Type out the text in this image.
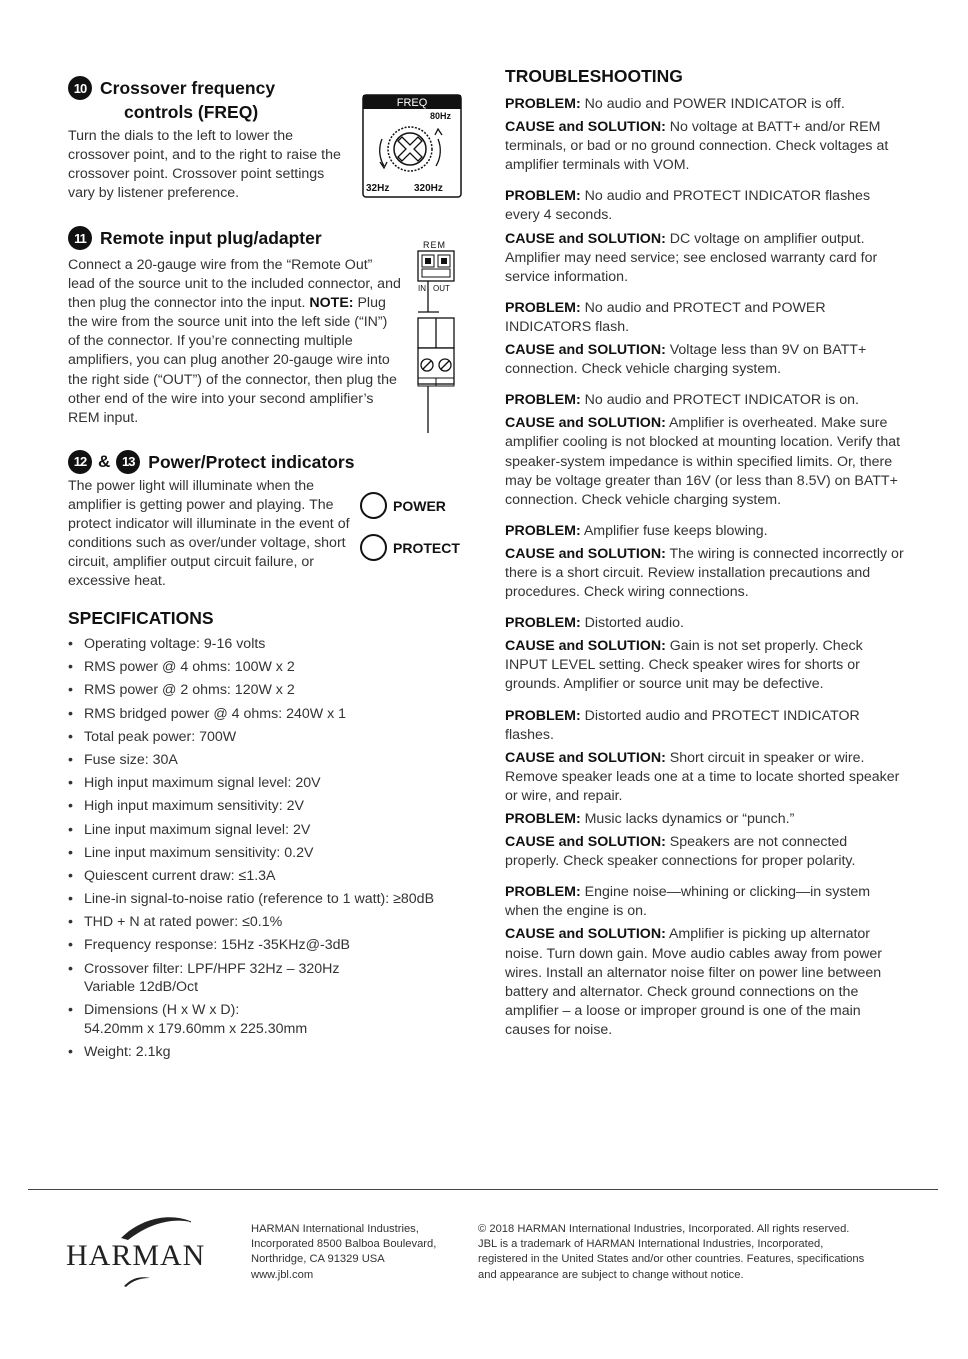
10 Crossover frequency
controls (FREQ)
Turn the dials to the left to lower the crossover point, and to the right to raise the crossover point. Crossover point settings vary by listener preference.
FREQ
80Hz
32Hz 320Hz
11 Remote input plug/adapter
Connect a 20-gauge wire from the “Remote Out” lead of the source unit to the included connector, and then plug the connector into the input. NOTE: Plug the wire from the source unit into the left side (“IN”) of the connector. If you’re connecting multiple amplifiers, you can plug another 20-gauge wire into the right side (“OUT”) of the connector, then plug the other end of the wire into your second amplifier’s REM input.
REM
IN OUT
12 & 13 Power/Protect indicators
The power light will illuminate when the amplifier is getting power and playing. The protect indicator will illuminate in the event of conditions such as over/under voltage, short circuit, amplifier output circuit failure, or excessive heat.
POWER
PROTECT
SPECIFICATIONS
• Operating voltage: 9-16 volts
• RMS power @ 4 ohms: 100W x 2
• RMS power @ 2 ohms: 120W x 2
• RMS bridged power @ 4 ohms: 240W x 1
• Total peak power: 700W
• Fuse size: 30A
• High input maximum signal level: 20V
• High input maximum sensitivity: 2V
• Line input maximum signal level: 2V
• Line input maximum sensitivity: 0.2V
• Quiescent current draw: ≤1.3A
• Line-in signal-to-noise ratio (reference to 1 watt): ≥80dB
• THD + N at rated power: ≤0.1%
• Frequency response: 15Hz -35KHz@-3dB
• Crossover filter: LPF/HPF 32Hz – 320Hz
Variable 12dB/Oct
• Dimensions (H x W x D):
54.20mm x 179.60mm x 225.30mm
• Weight: 2.1kg
TROUBLESHOOTING

PROBLEM: No audio and POWER INDICATOR is off.

CAUSE and SOLUTION: No voltage at BATT+ and/or REM terminals, or bad or no ground connection. Check voltages at amplifier terminals with VOM.

PROBLEM: No audio and PROTECT INDICATOR flashes every 4 seconds.

CAUSE and SOLUTION: DC voltage on amplifier output. Amplifier may need service; see enclosed warranty card for service information.

PROBLEM: No audio and PROTECT and POWER INDICATORS flash.

CAUSE and SOLUTION: Voltage less than 9V on BATT+ connection. Check vehicle charging system.

PROBLEM: No audio and PROTECT INDICATOR is on.

CAUSE and SOLUTION: Amplifier is overheated. Make sure amplifier cooling is not blocked at mounting location. Verify that speaker-system impedance is within specified limits. Or, there may be voltage greater than 16V (or less than 8.5V) on BATT+ connection. Check vehicle charging system.

PROBLEM: Amplifier fuse keeps blowing.

CAUSE and SOLUTION: The wiring is connected incorrectly or there is a short circuit. Review installation precautions and procedures. Check wiring connections.

PROBLEM: Distorted audio.

CAUSE and SOLUTION: Gain is not set properly. Check INPUT LEVEL setting. Check speaker wires for shorts or grounds. Amplifier or source unit may be defective.

PROBLEM: Distorted audio and PROTECT INDICATOR flashes.

CAUSE and SOLUTION: Short circuit in speaker or wire. Remove speaker leads one at a time to locate shorted speaker or wire, and repair.

PROBLEM: Music lacks dynamics or “punch.”

CAUSE and SOLUTION: Speakers are not connected properly. Check speaker connections for proper polarity.

PROBLEM: Engine noise—whining or clicking—in system when the engine is on.

CAUSE and SOLUTION: Amplifier is picking up alternator noise. Turn down gain. Move audio cables away from power wires. Install an alternator noise filter on power line between battery and alternator. Check ground connections on the amplifier – a loose or improper ground is one of the main causes for noise.

HARMAN
HARMAN International Industries,
Incorporated 8500 Balboa Boulevard,
Northridge, CA 91329 USA
www.jbl.com
© 2018 HARMAN International Industries, Incorporated. All rights reserved.
JBL is a trademark of HARMAN International Industries, Incorporated,
registered in the United States and/or other countries. Features, specifications
and appearance are subject to change without notice.
